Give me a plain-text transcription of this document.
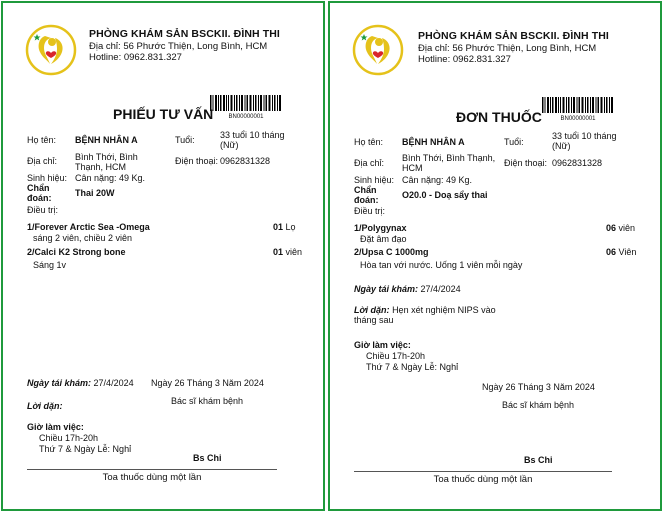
PHÒNG KHÁM SẢN BSCKII. ĐÌNH THI
Địa chỉ: 56 Phước Thiện, Long Bình, HCM
Hotline: 0962.831.327
BN00000001
PHIẾU TƯ VẤN
Họ tên: BỆNH NHÂN A	Tuổi:	33 tuổi 10 tháng (Nữ)
Địa chỉ: Bình Thới, Bình Thạnh, HCM
Điện thoại: 0962831328
Sinh hiệu: Cân nặng: 49 Kg.
Chẩn đoán:	Thai 20W
Điều trị:
1/Forever Arctic Sea -Omega	01 Lọ
sáng 2 viên, chiều 2 viên
2/Calci K2 Strong bone	01 viên
Sáng 1v
Ngày tái khám: 27/4/2024 Ngày 26 Tháng 3 Năm 2024
Bác sĩ khám bệnh
Lời dặn:
Giờ làm việc:
Chiều 17h-20h
Thứ 7 & Ngày Lễ: Nghỉ
Bs Chi
Toa thuốc dùng một lần
PHÒNG KHÁM SẢN BSCKII. ĐÌNH THI
Địa chỉ: 56 Phước Thiện, Long Bình, HCM
Hotline: 0962.831.327
BN00000001
ĐƠN THUỐC
Họ tên: BỆNH NHÂN A	Tuổi:
33 tuổi 10 tháng (Nữ)
Địa chỉ: Bình Thới, Bình Thạnh, HCM	Điện thoại: 0962831328
Sinh hiệu: Cân nặng: 49 Kg.
Chẩn đoán:	O20.0 - Doạ sẩy thai
Điều trị:
1/Polygynax	06 viên
Đặt âm đạo
2/Upsa C 1000mg	06 Viên
Hòa tan với nước. Uống 1 viên mỗi ngày
Ngày tái khám: 27/4/2024
Lời dặn: Hẹn xét nghiệm NIPS vào tháng sau
Giờ làm việc:
Chiều 17h-20h
Thứ 7 & Ngày Lễ: Nghỉ
Ngày 26 Tháng 3 Năm 2024
Bác sĩ khám bệnh
Bs Chi
Toa thuốc dùng một lần
